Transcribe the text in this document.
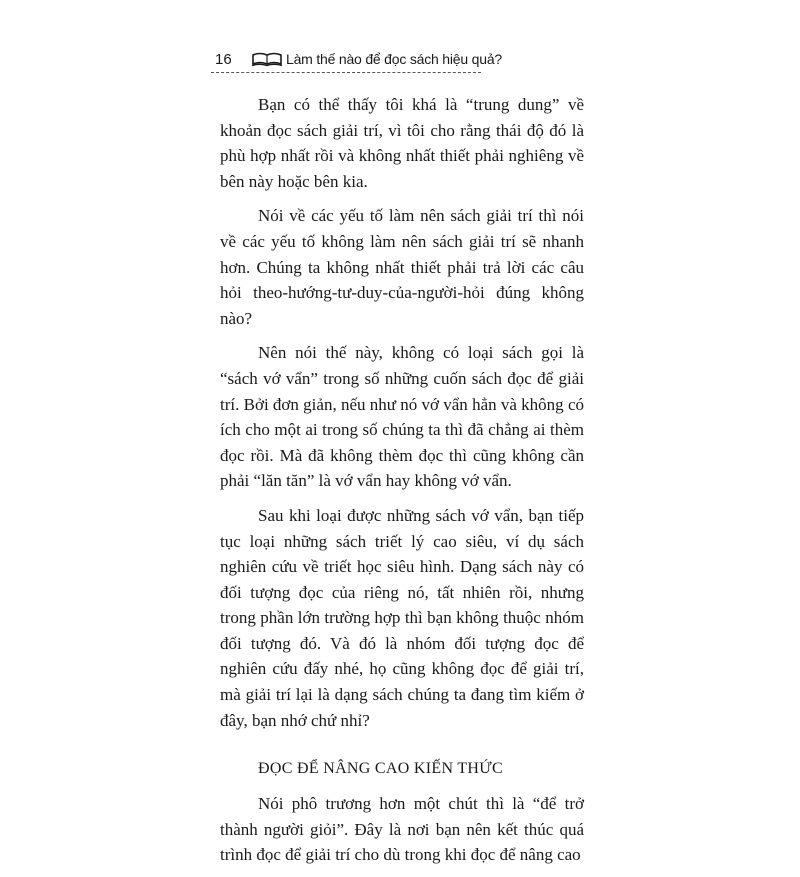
16	Làm thế nào để đọc sách hiệu quả?

Bạn có thể thấy tôi khá là “trung dung” về khoản đọc sách giải trí, vì tôi cho rằng thái độ đó là phù hợp nhất rồi và không nhất thiết phải nghiêng về bên này hoặc bên kia.

Nói về các yếu tố làm nên sách giải trí thì nói về các yếu tố không làm nên sách giải trí sẽ nhanh hơn. Chúng ta không nhất thiết phải trả lời các câu hỏi theo-hướng-tư-duy-của-người-hỏi đúng không nào?

Nên nói thế này, không có loại sách gọi là “sách vớ vẩn” trong số những cuốn sách đọc để giải trí. Bởi đơn giản, nếu như nó vớ vẩn hẳn và không có ích cho một ai trong số chúng ta thì đã chẳng ai thèm đọc rồi. Mà đã không thèm đọc thì cũng không cần phải “lăn tăn” là vớ vẩn hay không vớ vẩn.

Sau khi loại được những sách vớ vẩn, bạn tiếp tục loại những sách triết lý cao siêu, ví dụ sách nghiên cứu về triết học siêu hình. Dạng sách này có đối tượng đọc của riêng nó, tất nhiên rồi, nhưng trong phần lớn trường hợp thì bạn không thuộc nhóm đối tượng đó. Và đó là nhóm đối tượng đọc để nghiên cứu đấy nhé, họ cũng không đọc để giải trí, mà giải trí lại là dạng sách chúng ta đang tìm kiếm ở đây, bạn nhớ chứ nhỉ?

ĐỌC ĐỂ NÂNG CAO KIẾN THỨC

Nói phô trương hơn một chút thì là “để trở thành người giỏi”. Đây là nơi bạn nên kết thúc quá trình đọc để giải trí cho dù trong khi đọc để nâng cao
